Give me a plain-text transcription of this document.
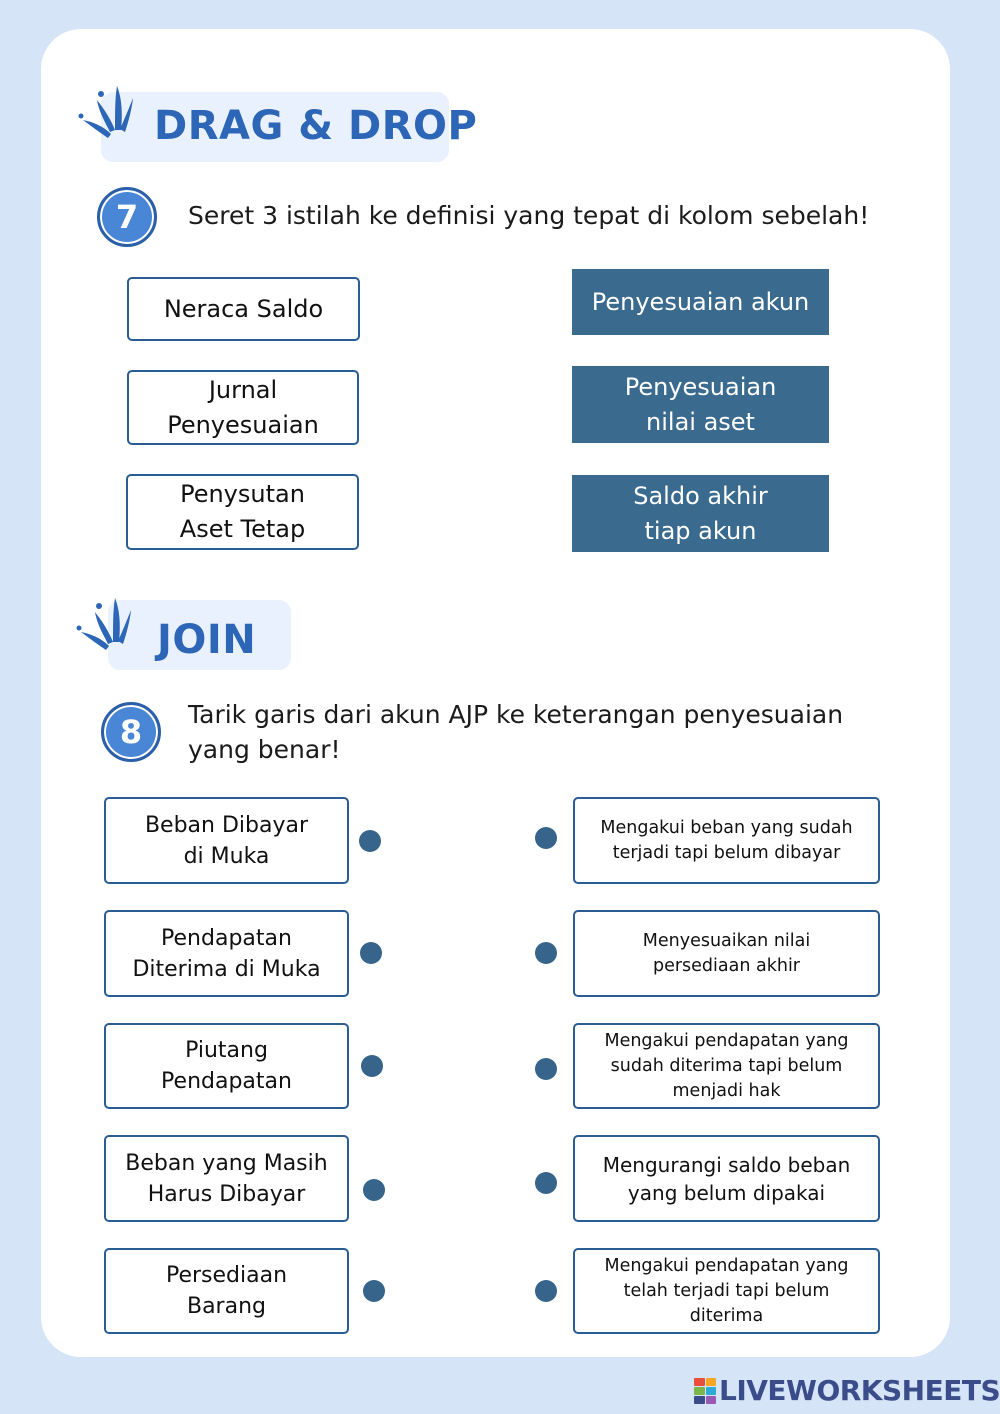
DRAG & DROP
7	Seret 3 istilah ke definisi yang tepat di kolom sebelah!
Neraca Saldo
Jurnal
Penyesuaian
Penysutan
Aset Tetap
Penyesuaian akun
Penyesuaian
nilai aset
Saldo akhir
tiap akun
JOIN
8	Tarik garis dari akun AJP ke keterangan penyesuaian
yang benar!
Beban Dibayar
di Muka
Pendapatan
Diterima di Muka
Piutang
Pendapatan
Beban yang Masih
Harus Dibayar
Persediaan
Barang
Mengakui beban yang sudah
terjadi tapi belum dibayar
Menyesuaikan nilai
persediaan akhir
Mengakui pendapatan yang
sudah diterima tapi belum
menjadi hak
Mengurangi saldo beban
yang belum dipakai
Mengakui pendapatan yang
telah terjadi tapi belum
diterima
LIVEWORKSHEETS
